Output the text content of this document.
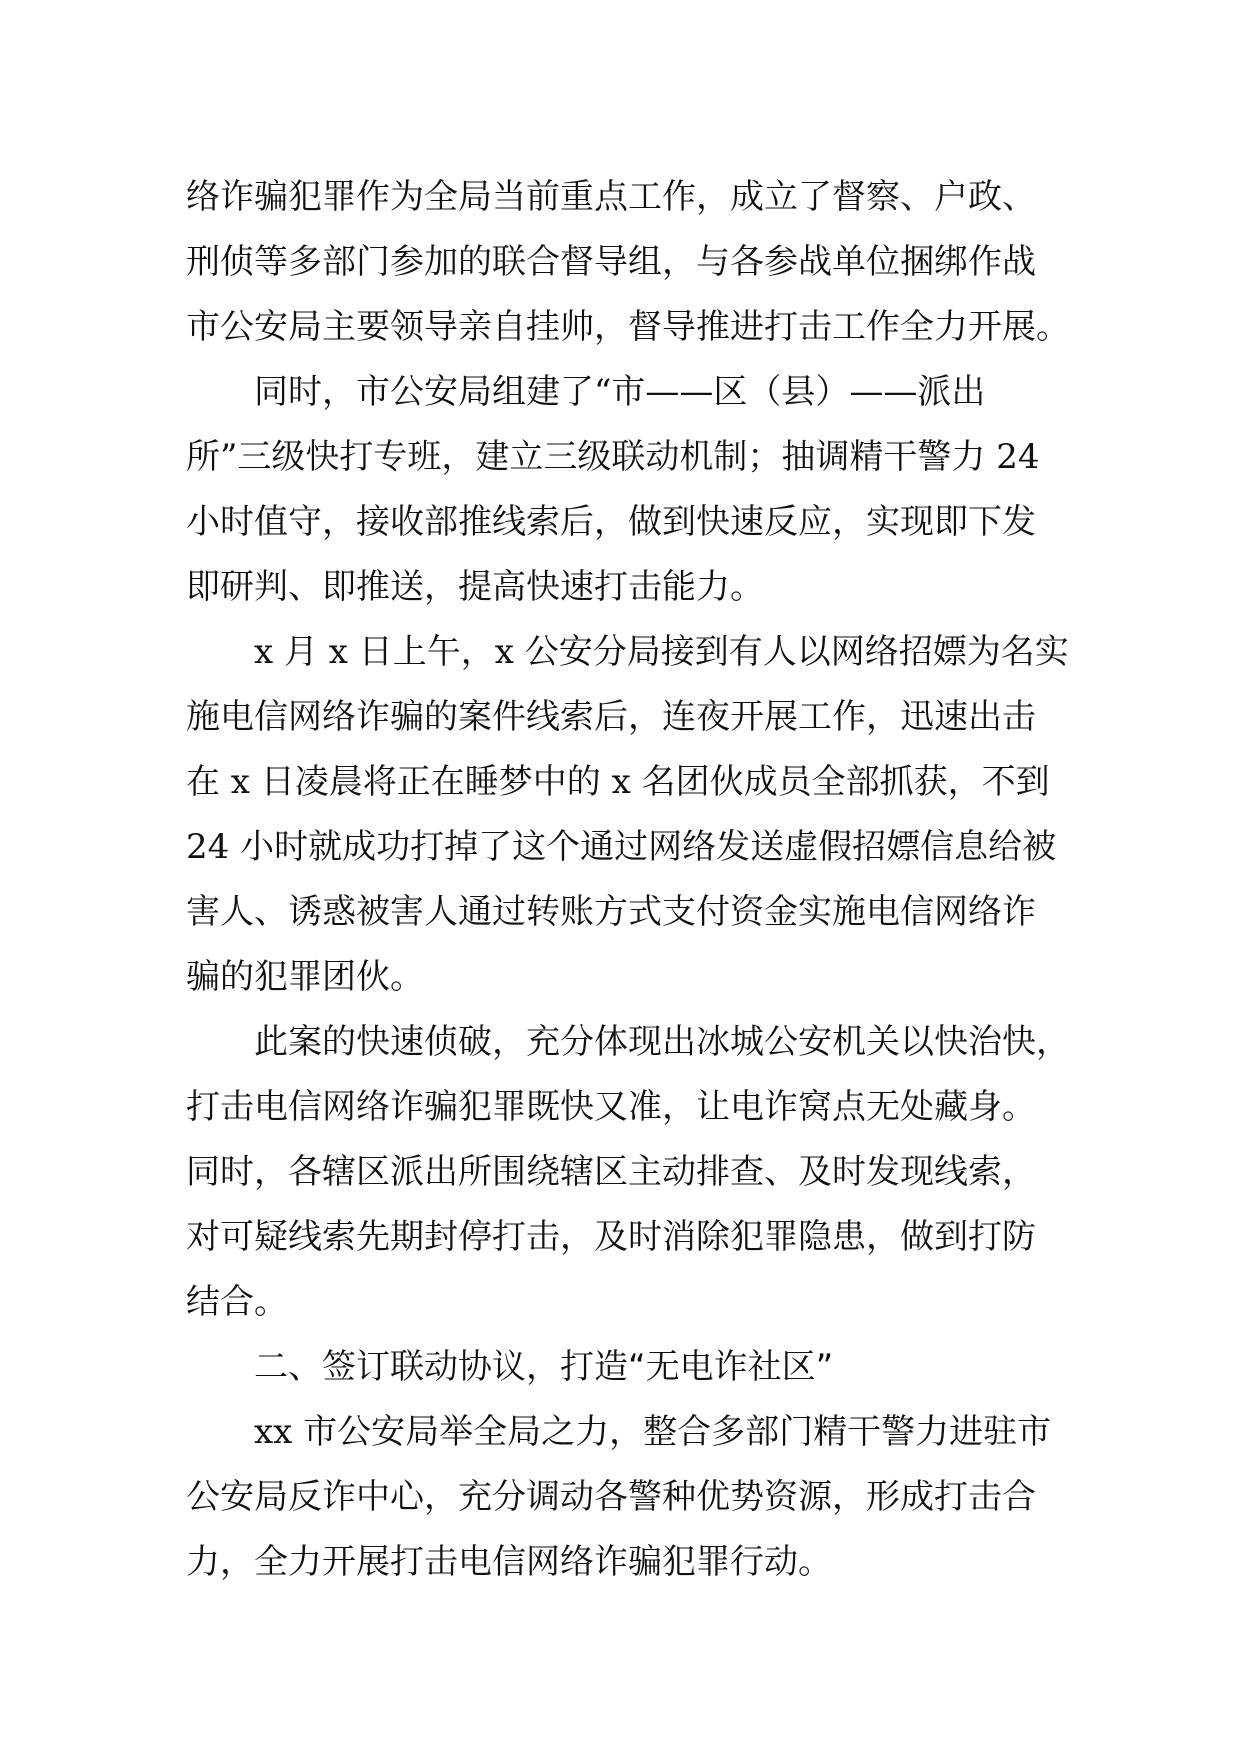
络诈骗犯罪作为全局当前重点工作，成立了督察、户政、
刑侦等多部门参加的联合督导组，与各参战单位捆绑作战
市公安局主要领导亲自挂帅，督导推进打击工作全力开展。
同时，市公安局组建了“市——区（县）——派出
所”三级快打专班，建立三级联动机制；抽调精干警力 24
小时值守，接收部推线索后，做到快速反应，实现即下发
即研判、即推送，提高快速打击能力。
x 月 x 日上午，x 公安分局接到有人以网络招嫖为名实
施电信网络诈骗的案件线索后，连夜开展工作，迅速出击
在 x 日凌晨将正在睡梦中的 x 名团伙成员全部抓获，不到
24 小时就成功打掉了这个通过网络发送虚假招嫖信息给被
害人、诱惑被害人通过转账方式支付资金实施电信网络诈
骗的犯罪团伙。
此案的快速侦破，充分体现出冰城公安机关以快治快，
打击电信网络诈骗犯罪既快又准，让电诈窝点无处藏身。
同时，各辖区派出所围绕辖区主动排查、及时发现线索，
对可疑线索先期封停打击，及时消除犯罪隐患，做到打防
结合。
二、签订联动协议，打造“无电诈社区”
xx 市公安局举全局之力，整合多部门精干警力进驻市
公安局反诈中心，充分调动各警种优势资源，形成打击合
力，全力开展打击电信网络诈骗犯罪行动。
